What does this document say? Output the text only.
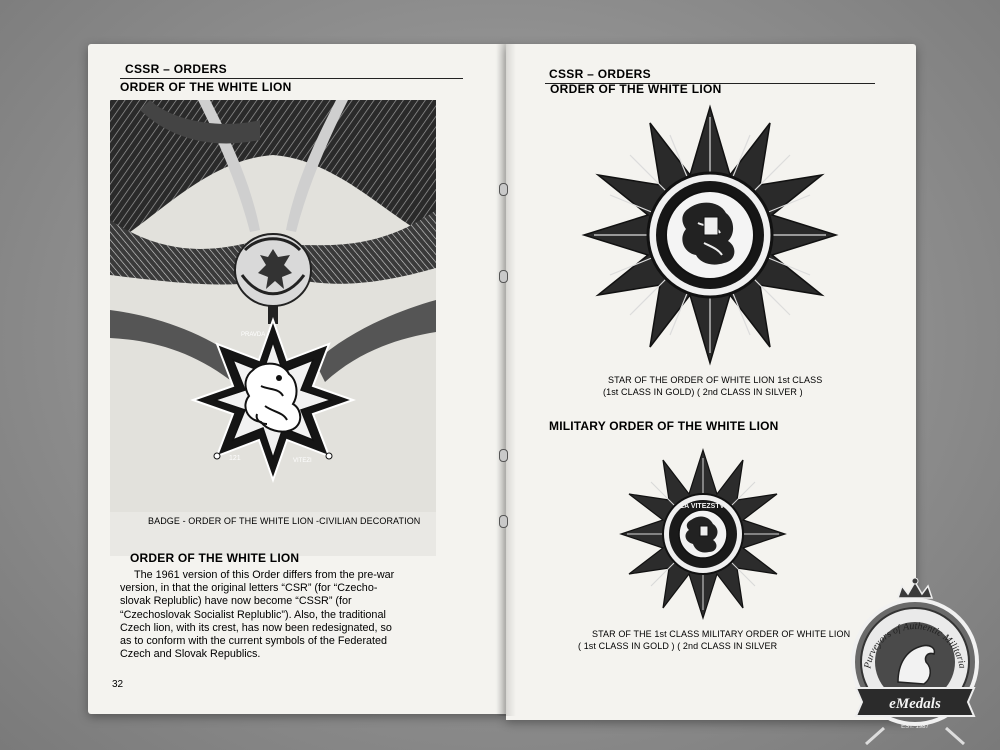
CSSR – ORDERS
ORDER OF THE WHITE LION
121
PRAVDA
VITEZI
BADGE - ORDER OF THE WHITE LION -CIVILIAN DECORATION
ORDER OF THE WHITE LION
The 1961 version of this Order differs from the pre-war
version, in that the original letters “CSR” (for “Czecho-
slovak Replublic) have now become “CSSR” (for
“Czechoslovak Socialist Replublic”). Also, the traditional
Czech lion, with its crest, has now been redesignated, so
as to conform with the current symbols of the Federated
Czech and Slovak Republics.
32
CSSR – ORDERS
ORDER OF THE WHITE LION
STAR OF THE ORDER OF WHITE LION 1st CLASS
(1st CLASS IN GOLD) ( 2nd CLASS IN SILVER )
MILITARY ORDER OF THE WHITE LION
ZA VITEZSTVI
STAR OF THE 1st CLASS MILITARY ORDER OF WHITE LION
( 1st CLASS IN GOLD ) ( 2nd CLASS IN SILVER
Purveyors of Authentic Militaria
eMedals
EST. 1987
